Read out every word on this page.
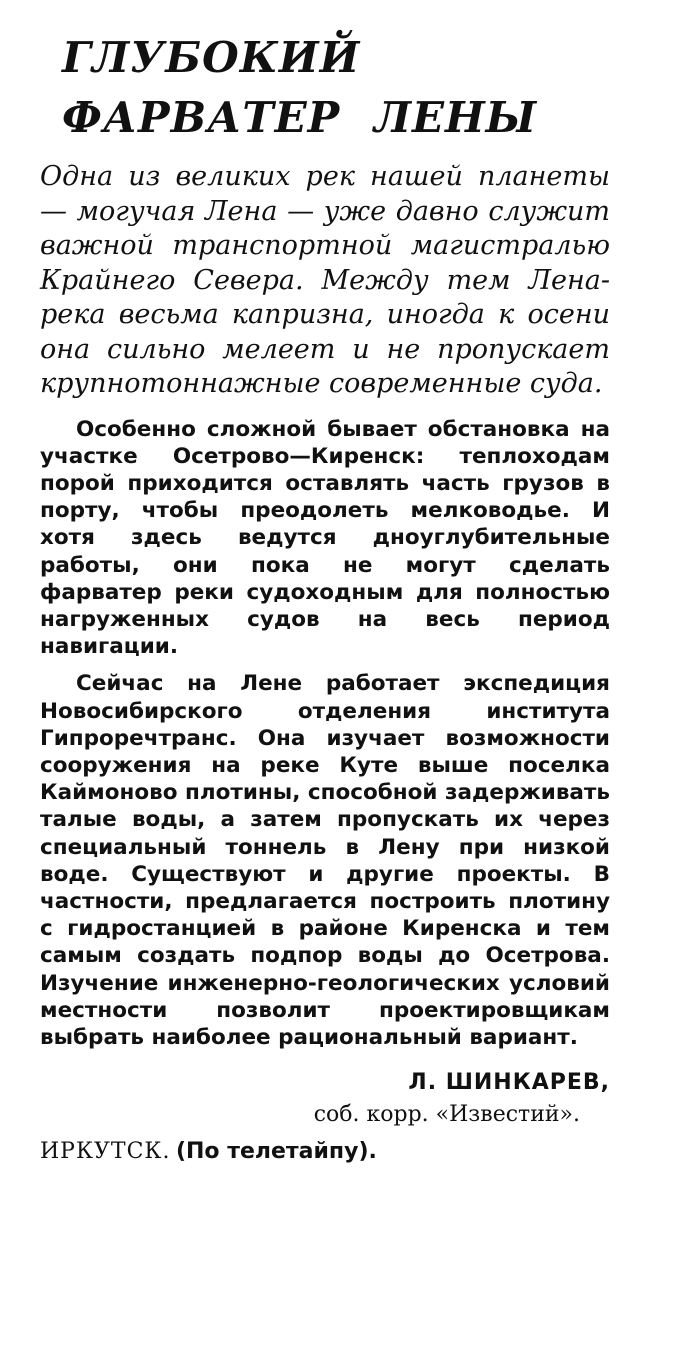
ГЛУБОКИЙ
ФАРВАТЕР ЛЕНЫ

Одна из великих рек нашей планеты — могучая Лена — уже давно служит важной транспортной магистралью Крайнего Севера. Между тем Лена-река весьма капризна, иногда к осени она сильно мелеет и не пропускает крупнотоннажные современные суда.

Особенно сложной бывает обстановка на участке Осетрово—Киренск: теплоходам порой приходится оставлять часть грузов в порту, чтобы преодолеть мелководье. И хотя здесь ведутся дноуглубительные работы, они пока не могут сделать фарватер реки судоходным для полностью нагруженных судов на весь период навигации.

Сейчас на Лене работает экспедиция Новосибирского отделения института Гипроречтранс. Она изучает возможности сооружения на реке Куте выше поселка Каймоново плотины, способной задерживать талые воды, а затем пропускать их через специальный тоннель в Лену при низкой воде. Существуют и другие проекты. В частности, предлагается построить плотину с гидростанцией в районе Киренска и тем самым создать подпор воды до Осетрова. Изучение инженерно-геологических условий местности позволит проектировщикам выбрать наиболее рациональный вариант.

Л. ШИНКАРЕВ,
соб. корр. «Известий».
ИРКУТСК. (По телетайпу).
